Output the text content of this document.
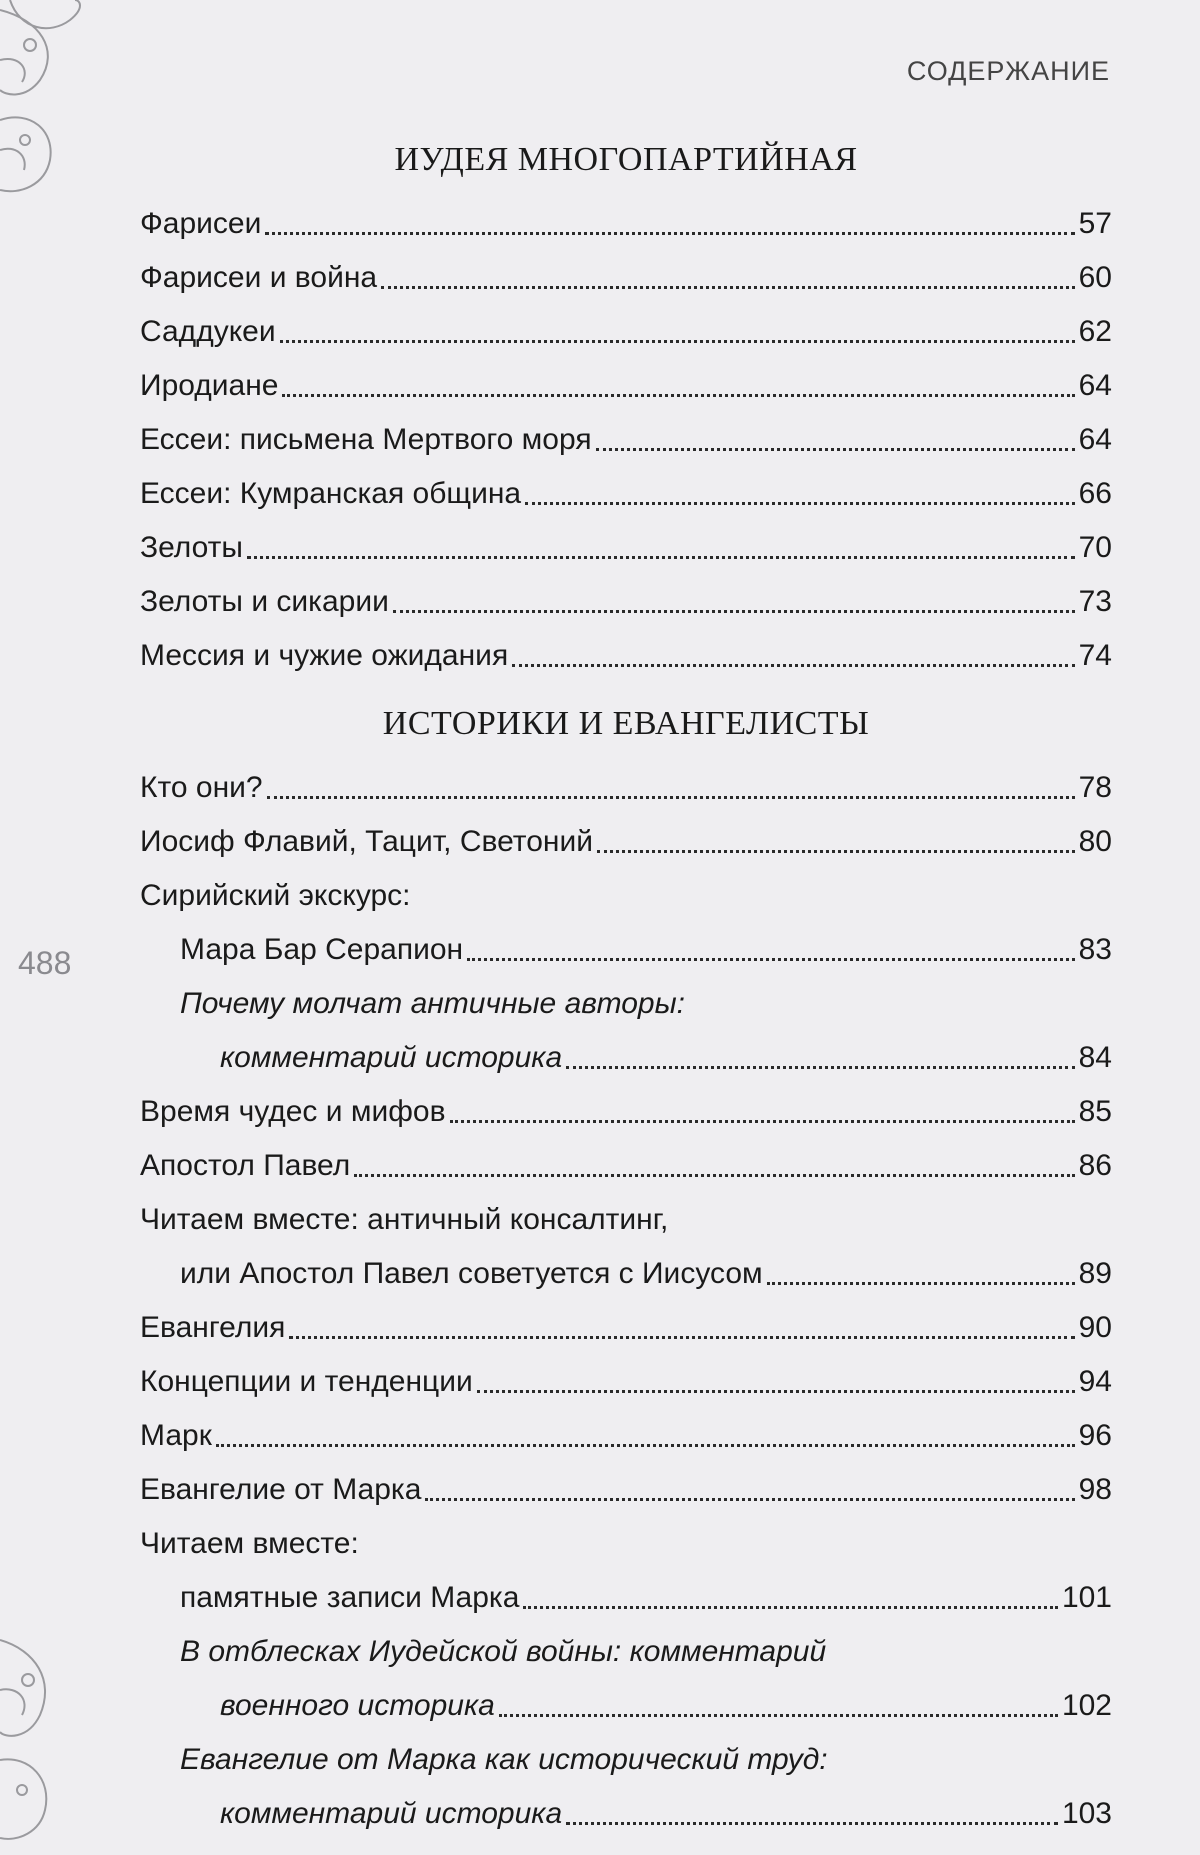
СОДЕРЖАНИЕ
488
ИУДЕЯ МНОГОПАРТИЙНАЯ
Фарисеи	57
Фарисеи и война	60
Саддукеи	62
Иродиане	64
Ессеи: письмена Мертвого моря	64
Ессеи: Кумранская община	66
Зелоты	70
Зелоты и сикарии	73
Мессия и чужие ожидания	74
ИСТОРИКИ И ЕВАНГЕЛИСТЫ
Кто они?	78
Иосиф Флавий, Тацит, Светоний	80
Сирийский экскурс:
Мара Бар Серапион	83
Почему молчат античные авторы:
комментарий историка	84
Время чудес и мифов	85
Апостол Павел	86
Читаем вместе: античный консалтинг,
или Апостол Павел советуется с Иисусом	89
Евангелия	90
Концепции и тенденции	94
Марк	96
Евангелие от Марка	98
Читаем вместе:
памятные записи Марка	101
В отблесках Иудейской войны: комментарий
военного историка	102
Евангелие от Марка как исторический труд:
комментарий историка	103
